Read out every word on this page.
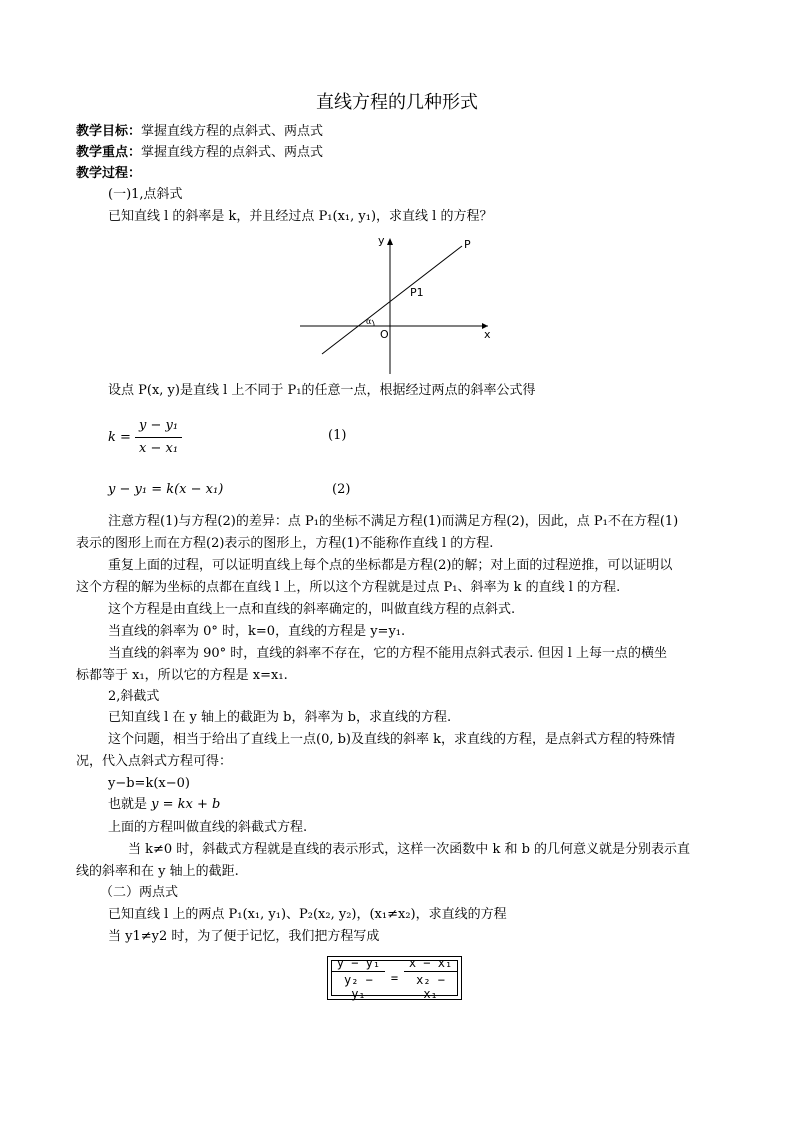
直线方程的几种形式
教学目标：掌握直线方程的点斜式、两点式
教学重点：掌握直线方程的点斜式、两点式
教学过程：
(一)1,点斜式
已知直线 l 的斜率是 k，并且经过点 P₁(x₁, y₁)，求直线 l 的方程？
y
x
O
P
P1
α
设点 P(x, y)是直线 l 上不同于 P₁的任意一点，根据经过两点的斜率公式得
$k = \frac{\text{y − y₁}}{\text{x − x₁}}$	(1)
y − y₁ = k(x − x₁)	(2)
注意方程(1)与方程(2)的差异：点 P₁的坐标不满足方程(1)而满足方程(2)，因此，点 P₁不在方程(1)
表示的图形上而在方程(2)表示的图形上，方程(1)不能称作直线 l 的方程.
重复上面的过程，可以证明直线上每个点的坐标都是方程(2)的解；对上面的过程逆推，可以证明以
这个方程的解为坐标的点都在直线 l 上，所以这个方程就是过点 P₁、斜率为 k 的直线 l 的方程.
这个方程是由直线上一点和直线的斜率确定的，叫做直线方程的点斜式.
当直线的斜率为 0° 时，k=0，直线的方程是 y=y₁.
当直线的斜率为 90° 时，直线的斜率不存在，它的方程不能用点斜式表示. 但因 l 上每一点的横坐
标都等于 x₁，所以它的方程是 x=x₁.
2,斜截式
已知直线 l 在 y 轴上的截距为 b，斜率为 b，求直线的方程.
这个问题，相当于给出了直线上一点(0, b)及直线的斜率 k，求直线的方程，是点斜式方程的特殊情
况，代入点斜式方程可得：
y−b=k(x−0)
也就是 y = kx + b
上面的方程叫做直线的斜截式方程.
当 k≠0 时，斜截式方程就是直线的表示形式，这样一次函数中 k 和 b 的几何意义就是分别表示直
线的斜率和在 y 轴上的截距.
（二）两点式
已知直线 l 上的两点 P₁(x₁, y₁)、P₂(x₂, y₂)，(x₁≠x₂)，求直线的方程
当 y1≠y2 时，为了便于记忆，我们把方程写成
$\frac{\text{y − y₁}}{\text{y₂ − y₁}} = \frac{\text{x − x₁}}{\text{x₂ − x₁}}$
